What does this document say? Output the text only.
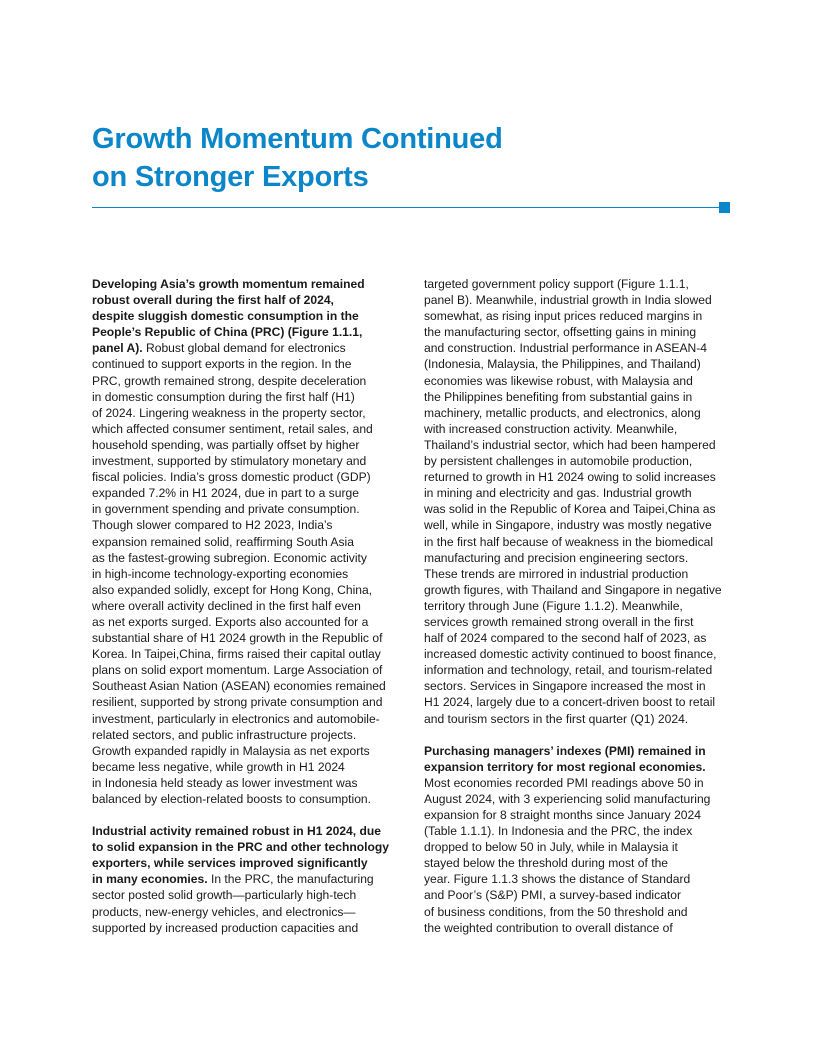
Growth Momentum Continued
on Stronger Exports

Developing Asia’s growth momentum remained
robust overall during the first half of 2024,
despite sluggish domestic consumption in the
People’s Republic of China (PRC) (Figure 1.1.1,
panel A). Robust global demand for electronics
continued to support exports in the region. In the
PRC, growth remained strong, despite deceleration
in domestic consumption during the first half (H1)
of 2024. Lingering weakness in the property sector,
which affected consumer sentiment, retail sales, and
household spending, was partially offset by higher
investment, supported by stimulatory monetary and
fiscal policies. India’s gross domestic product (GDP)
expanded 7.2% in H1 2024, due in part to a surge
in government spending and private consumption.
Though slower compared to H2 2023, India’s
expansion remained solid, reaffirming South Asia
as the fastest-growing subregion. Economic activity
in high-income technology-exporting economies
also expanded solidly, except for Hong Kong, China,
where overall activity declined in the first half even
as net exports surged. Exports also accounted for a
substantial share of H1 2024 growth in the Republic of
Korea. In Taipei,China, firms raised their capital outlay
plans on solid export momentum. Large Association of
Southeast Asian Nation (ASEAN) economies remained
resilient, supported by strong private consumption and
investment, particularly in electronics and automobile-
related sectors, and public infrastructure projects.
Growth expanded rapidly in Malaysia as net exports
became less negative, while growth in H1 2024
in Indonesia held steady as lower investment was
balanced by election-related boosts to consumption.

Industrial activity remained robust in H1 2024, due
to solid expansion in the PRC and other technology
exporters, while services improved significantly
in many economies. In the PRC, the manufacturing
sector posted solid growth—particularly high-tech
products, new-energy vehicles, and electronics—
supported by increased production capacities and

targeted government policy support (Figure 1.1.1,
panel B). Meanwhile, industrial growth in India slowed
somewhat, as rising input prices reduced margins in
the manufacturing sector, offsetting gains in mining
and construction. Industrial performance in ASEAN-4
(Indonesia, Malaysia, the Philippines, and Thailand)
economies was likewise robust, with Malaysia and
the Philippines benefiting from substantial gains in
machinery, metallic products, and electronics, along
with increased construction activity. Meanwhile,
Thailand’s industrial sector, which had been hampered
by persistent challenges in automobile production,
returned to growth in H1 2024 owing to solid increases
in mining and electricity and gas. Industrial growth
was solid in the Republic of Korea and Taipei,China as
well, while in Singapore, industry was mostly negative
in the first half because of weakness in the biomedical
manufacturing and precision engineering sectors.
These trends are mirrored in industrial production
growth figures, with Thailand and Singapore in negative
territory through June (Figure 1.1.2). Meanwhile,
services growth remained strong overall in the first
half of 2024 compared to the second half of 2023, as
increased domestic activity continued to boost finance,
information and technology, retail, and tourism-related
sectors. Services in Singapore increased the most in
H1 2024, largely due to a concert-driven boost to retail
and tourism sectors in the first quarter (Q1) 2024.

Purchasing managers’ indexes (PMI) remained in
expansion territory for most regional economies.
Most economies recorded PMI readings above 50 in
August 2024, with 3 experiencing solid manufacturing
expansion for 8 straight months since January 2024
(Table 1.1.1). In Indonesia and the PRC, the index
dropped to below 50 in July, while in Malaysia it
stayed below the threshold during most of the
year. Figure 1.1.3 shows the distance of Standard
and Poor’s (S&P) PMI, a survey-based indicator
of business conditions, from the 50 threshold and
the weighted contribution to overall distance of
